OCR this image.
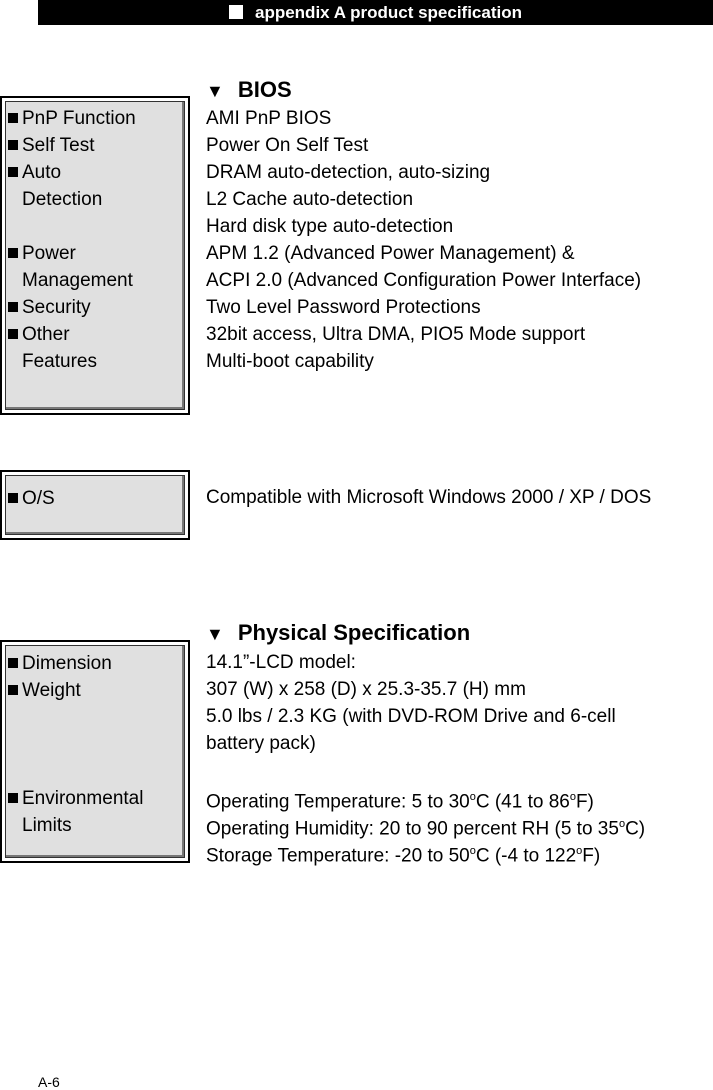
appendix A product specification
▼ BIOS
PnP Function
Self Test
Auto
Detection
Power
Management
Security
Other
Features
AMI PnP BIOS
Power On Self Test
DRAM auto-detection, auto-sizing
L2 Cache auto-detection
Hard disk type auto-detection
APM 1.2 (Advanced Power Management) &
ACPI 2.0 (Advanced Configuration Power Interface)
Two Level Password Protections
32bit access, Ultra DMA, PIO5 Mode support
Multi-boot capability
O/S	Compatible with Microsoft Windows 2000 / XP / DOS
▼ Physical Specification
Dimension
Weight
Environmental
Limits
14.1”-LCD model:
307 (W) x 258 (D) x 25.3-35.7 (H) mm
5.0 lbs / 2.3 KG (with DVD-ROM Drive and 6-cell
battery pack)
Operating Temperature: 5 to 30$^o$C (41 to 86$^o$F)
Operating Humidity: 20 to 90 percent RH (5 to 35$^o$C)
Storage Temperature: -20 to 50$^o$C (-4 to 122$^o$F)
A-6
